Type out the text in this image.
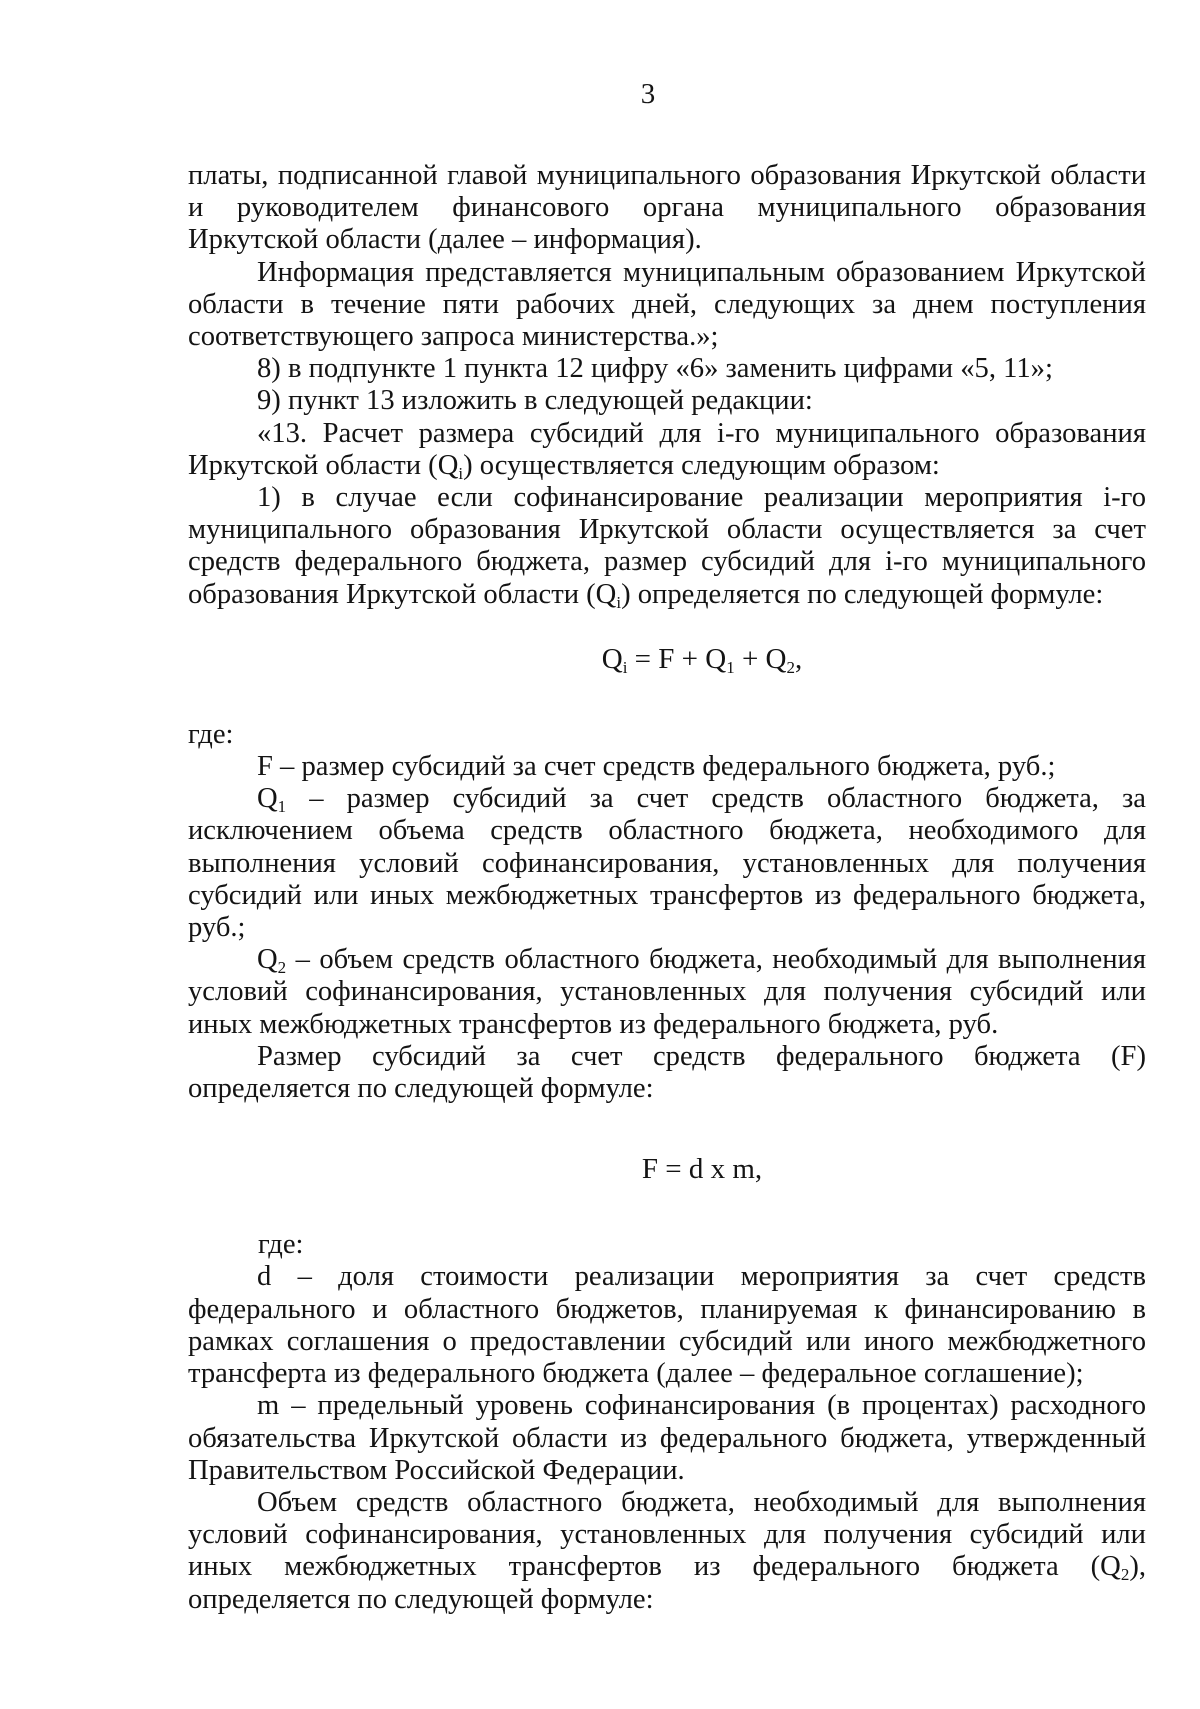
3

платы, подписанной главой муниципального образования Иркутской области и руководителем финансового органа муниципального образования Иркутской области (далее – информация).

Информация представляется муниципальным образованием Иркутской области в течение пяти рабочих дней, следующих за днем поступления соответствующего запроса министерства.»;

8) в подпункте 1 пункта 12 цифру «6» заменить цифрами «5, 11»;

9) пункт 13 изложить в следующей редакции:

«13. Расчет размера субсидий для i-го муниципального образования Иркутской области $(Q_i)$ осуществляется следующим образом:

1) в случае если софинансирование реализации мероприятия i-го муниципального образования Иркутской области осуществляется за счет средств федерального бюджета, размер субсидий для i-го муниципального образования Иркутской области $(Q_i)$ определяется по следующей формуле:

$Q_i = F + Q_1 + Q_2$,

где:

F – размер субсидий за счет средств федерального бюджета, руб.;

$Q_1$ – размер субсидий за счет средств областного бюджета, за исключением объема средств областного бюджета, необходимого для выполнения условий софинансирования, установленных для получения субсидий или иных межбюджетных трансфертов из федерального бюджета, руб.;

$Q_2$ – объем средств областного бюджета, необходимый для выполнения условий софинансирования, установленных для получения субсидий или иных межбюджетных трансфертов из федерального бюджета, руб.

Размер субсидий за счет средств федерального бюджета (F) определяется по следующей формуле:

F = d x m,

где:

d – доля стоимости реализации мероприятия за счет средств федерального и областного бюджетов, планируемая к финансированию в рамках соглашения о предоставлении субсидий или иного межбюджетного трансферта из федерального бюджета (далее – федеральное соглашение);

m – предельный уровень софинансирования (в процентах) расходного обязательства Иркутской области из федерального бюджета, утвержденный Правительством Российской Федерации.

Объем средств областного бюджета, необходимый для выполнения условий софинансирования, установленных для получения субсидий или иных межбюджетных трансфертов из федерального бюджета $(Q_2)$, определяется по следующей формуле:
